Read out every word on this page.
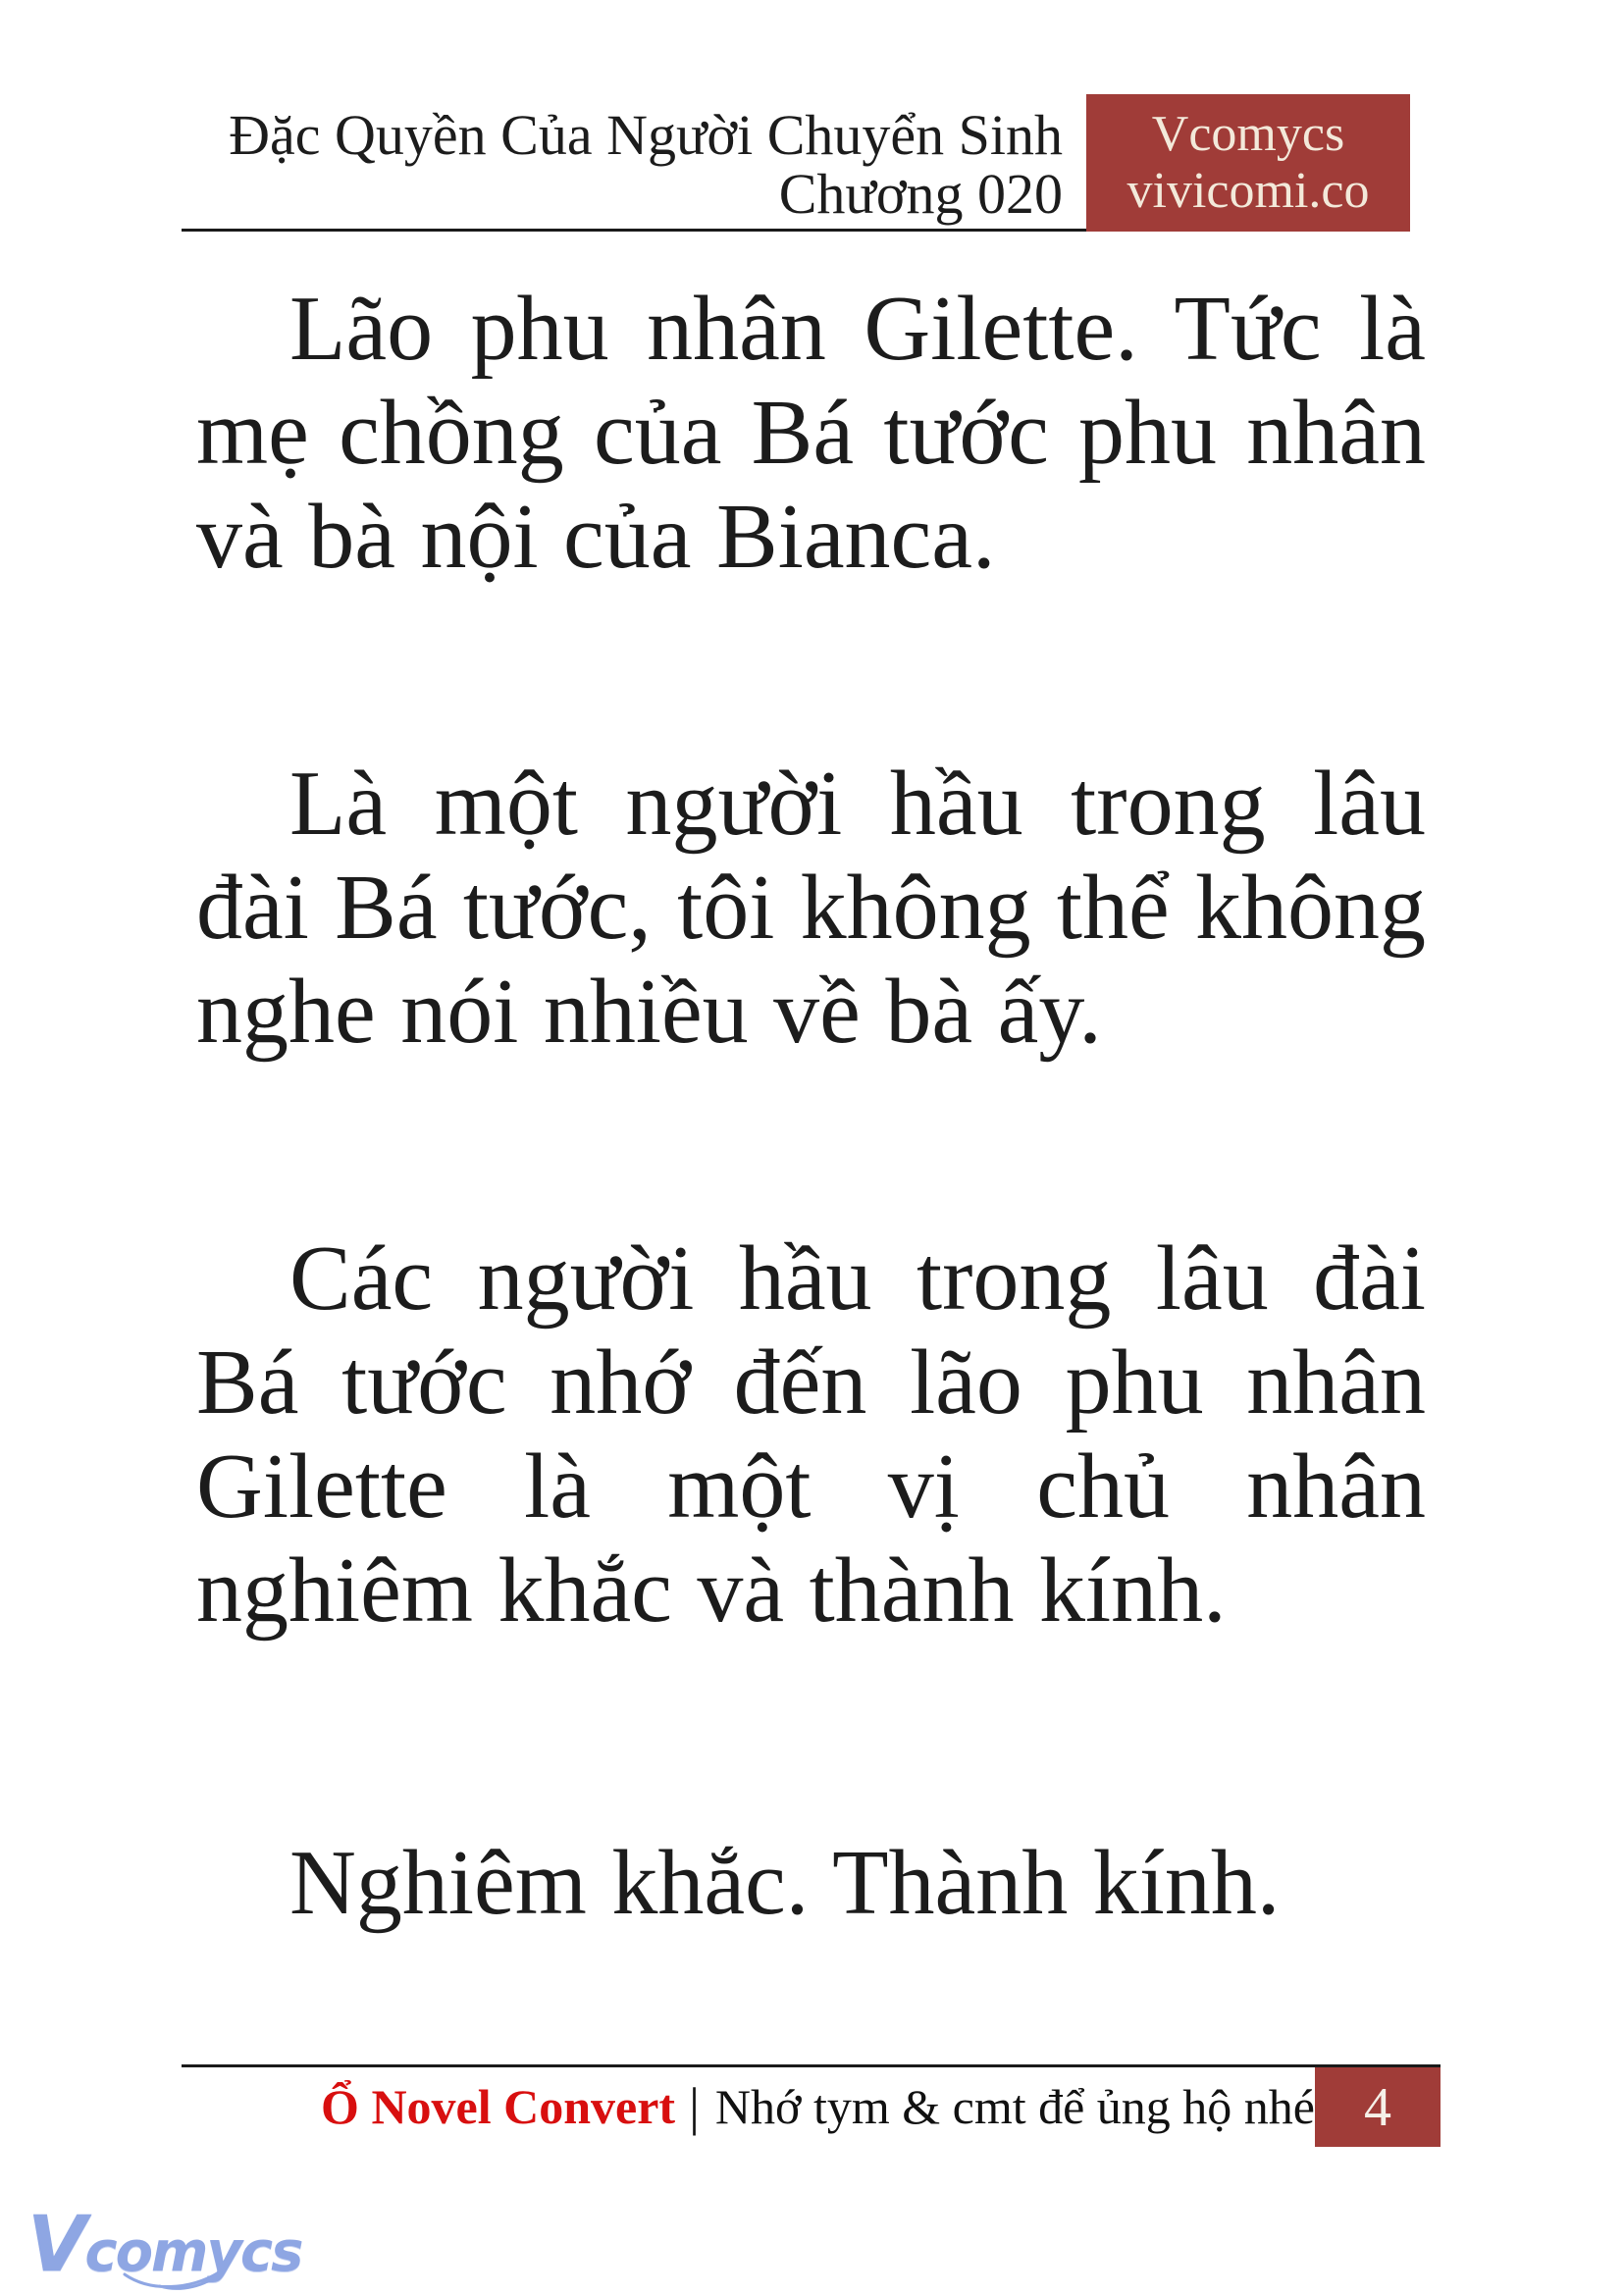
Đặc Quyền Của Người Chuyển Sinh
Chương 020
Vcomycs
vivicomi.co

Lão phu nhân Gilette. Tức là mẹ chồng của Bá tước phu nhân và bà nội của Bianca.

Là một người hầu trong lâu đài Bá tước, tôi không thể không nghe nói nhiều về bà ấy.

Các người hầu trong lâu đài Bá tước nhớ đến lão phu nhân Gilette là một vị chủ nhân nghiêm khắc và thành kính.

Nghiêm khắc. Thành kính.

Ổ Novel Convert | Nhớ tym & cmt để ủng hộ nhé 4
Vcomycs
